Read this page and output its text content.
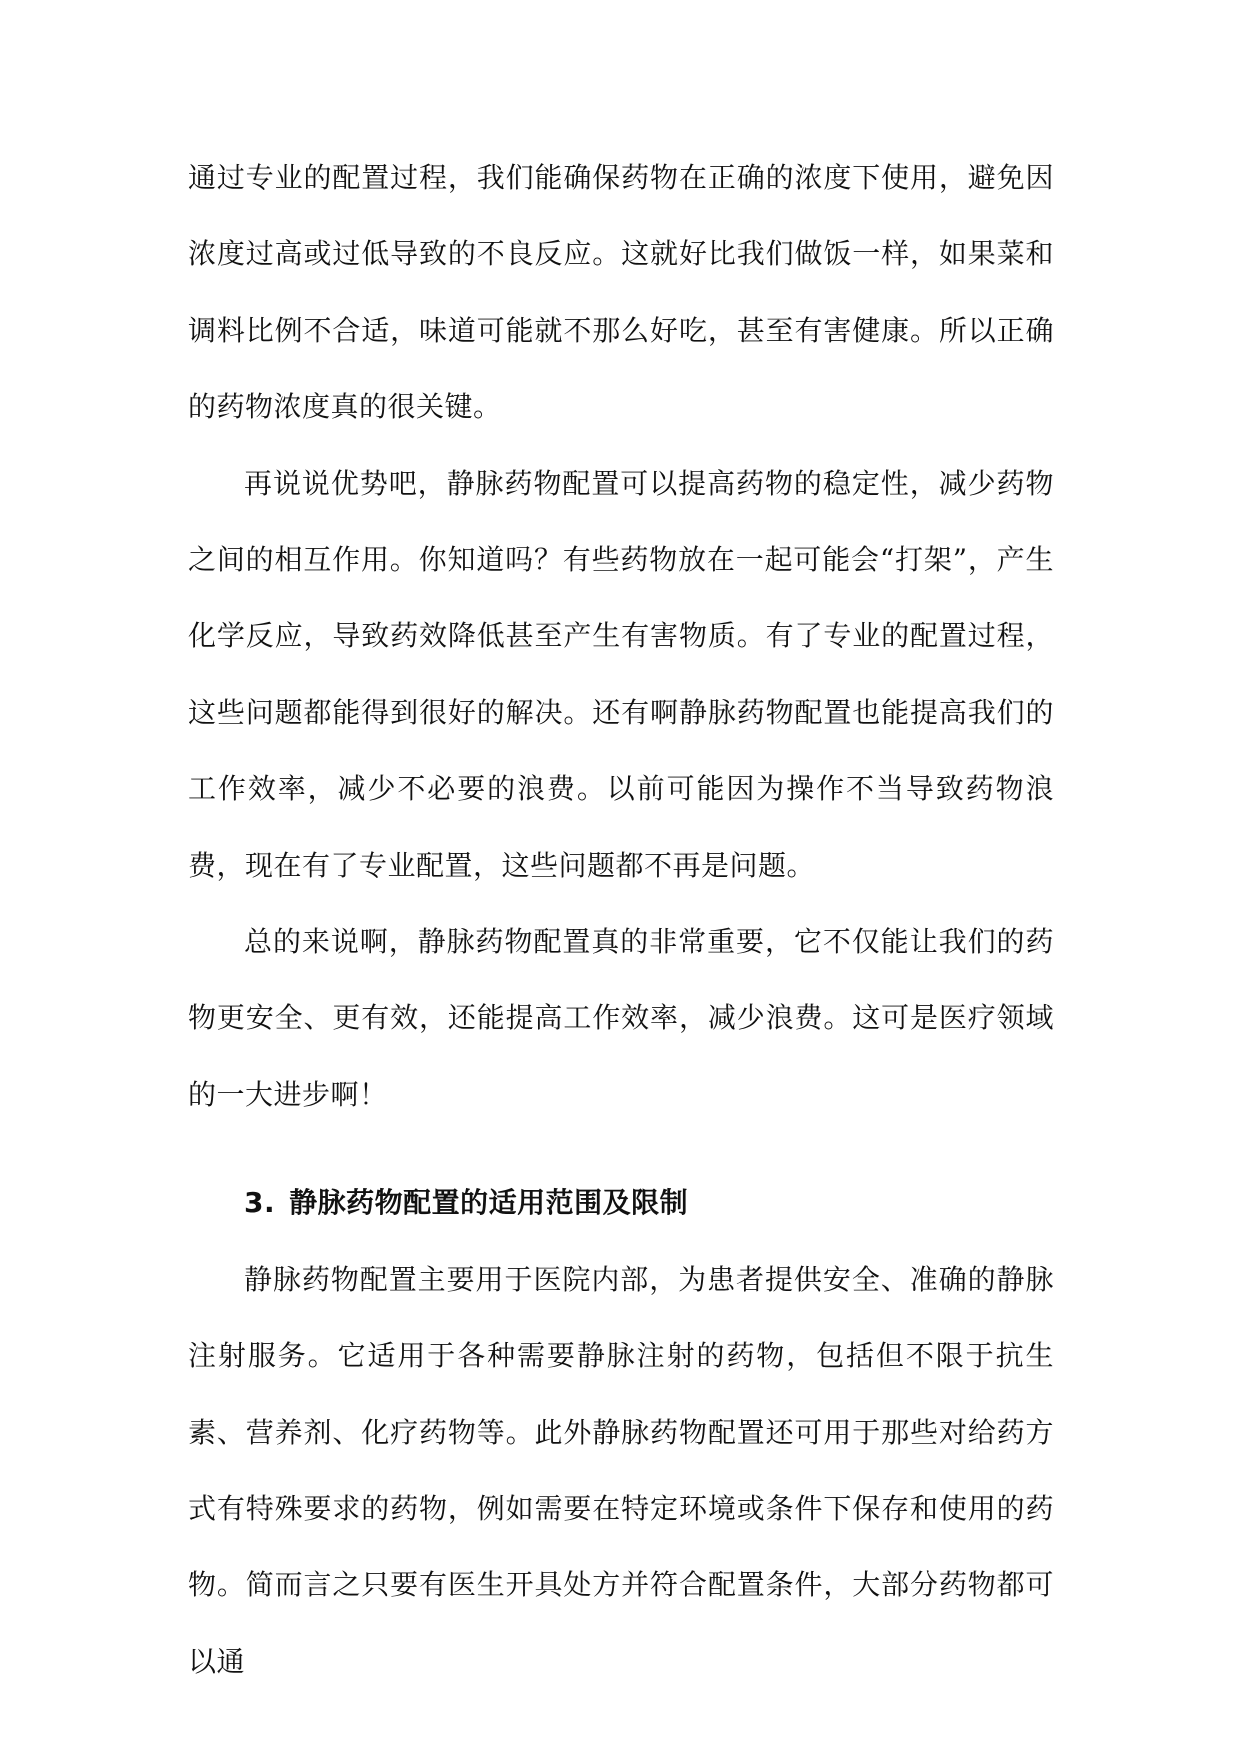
通过专业的配置过程，我们能确保药物在正确的浓度下使用，避免因浓度过高或过低导致的不良反应。这就好比我们做饭一样，如果菜和调料比例不合适，味道可能就不那么好吃，甚至有害健康。所以正确的药物浓度真的很关键。

再说说优势吧，静脉药物配置可以提高药物的稳定性，减少药物之间的相互作用。你知道吗？有些药物放在一起可能会“打架”，产生化学反应，导致药效降低甚至产生有害物质。有了专业的配置过程，这些问题都能得到很好的解决。还有啊静脉药物配置也能提高我们的工作效率，减少不必要的浪费。以前可能因为操作不当导致药物浪费，现在有了专业配置，这些问题都不再是问题。

总的来说啊，静脉药物配置真的非常重要，它不仅能让我们的药物更安全、更有效，还能提高工作效率，减少浪费。这可是医疗领域的一大进步啊！

3. 静脉药物配置的适用范围及限制

静脉药物配置主要用于医院内部，为患者提供安全、准确的静脉注射服务。它适用于各种需要静脉注射的药物，包括但不限于抗生素、营养剂、化疗药物等。此外静脉药物配置还可用于那些对给药方式有特殊要求的药物，例如需要在特定环境或条件下保存和使用的药物。简而言之只要有医生开具处方并符合配置条件，大部分药物都可以通
